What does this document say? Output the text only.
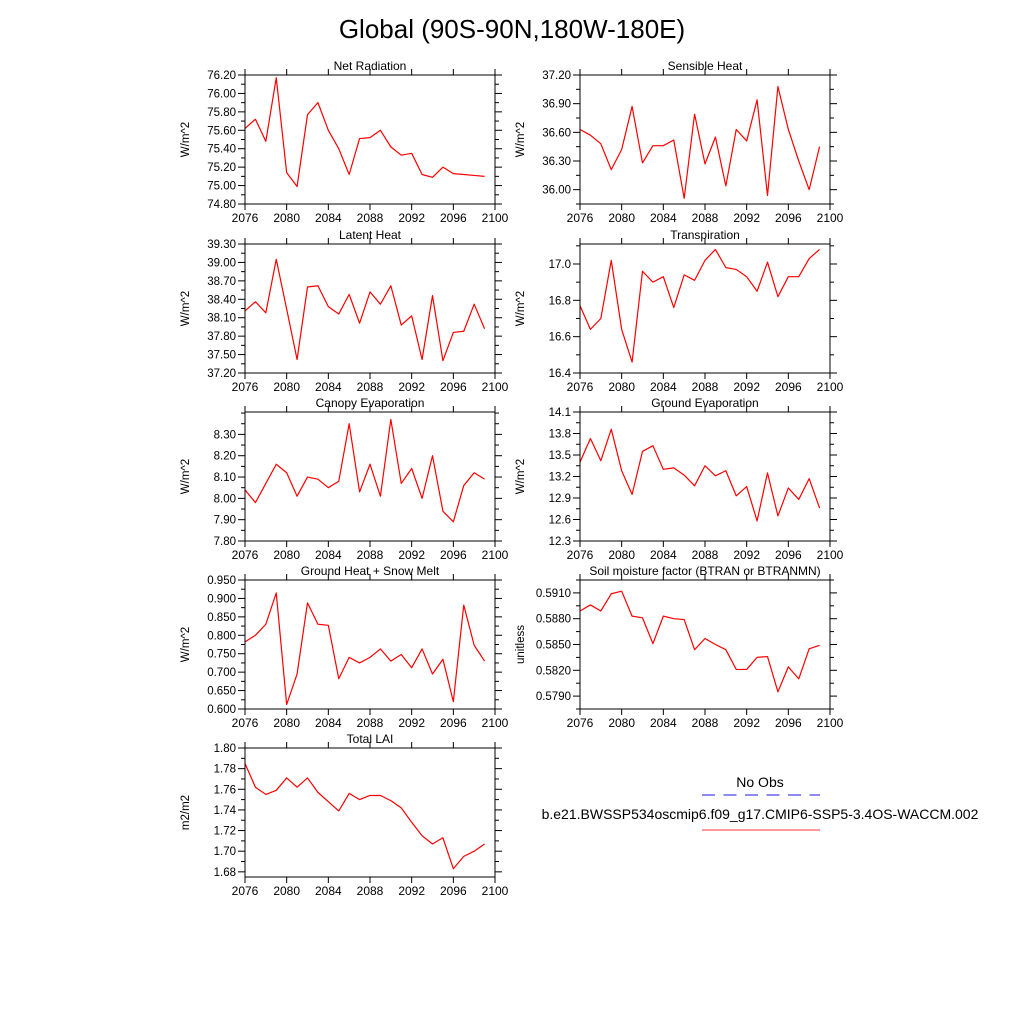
Global (90S-90N,180W-180E)
2076 2080 2084 2088 2092 2096 2100
74.80
75.00
75.20
75.40
75.60
75.80
76.00
76.20
Net Radiation
W/m^2
2076 2080 2084 2088 2092 2096 2100
36.00
36.30
36.60
36.90
37.20
Sensible Heat
W/m^2
2076 2080 2084 2088 2092 2096 2100
37.20
37.50
37.80
38.10
38.40
38.70
39.00
39.30
Latent Heat
W/m^2
2076 2080 2084 2088 2092 2096 2100
16.4
16.6
16.8
17.0
Transpiration
W/m^2
2076 2080 2084 2088 2092 2096 2100
7.80
7.90
8.00
8.10
8.20
8.30
Canopy Evaporation
W/m^2
2076 2080 2084 2088 2092 2096 2100
12.3
12.6
12.9
13.2
13.5
13.8
14.1
Ground Evaporation
W/m^2
2076 2080 2084 2088 2092 2096 2100
0.600
0.650
0.700
0.750
0.800
0.850
0.900
0.950
Ground Heat + Snow Melt
W/m^2
2076 2080 2084 2088 2092 2096 2100
0.5790
0.5820
0.5850
0.5880
0.5910
Soil moisture factor (BTRAN or BTRANMN)
unitless
2076 2080 2084 2088 2092 2096 2100
1.68
1.70
1.72
1.74
1.76
1.78
1.80
Total LAI
m2/m2
No Obs
b.e21.BWSSP534oscmip6.f09_g17.CMIP6-SSP5-3.4OS-WACCM.002
